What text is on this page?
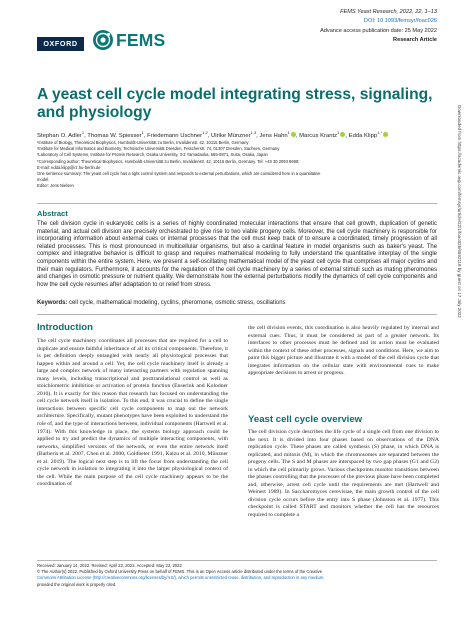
OXFORD	FEMS
FEMS Yeast Research, 2022, 22, 1–13
DOI: 10.1093/femsyr/foac026
Advance access publication date: 25 May 2022
Research Article
A yeast cell cycle model integrating stress, signaling, and physiology
Stephan O. Adler$^1$, Thomas W. Spiesser$^1$, Friedemann Uschner$^{1,2}$, Ulrike Münzner$^{1,3}$, Jens Hahn$^1$, Marcus Krantz$^1$, Edda Klipp$^{1,*}$
¹Institute of Biology, Theoretical Biophysics, Humboldt-Universität zu Berlin, Invalidenstr. 42, 10115 Berlin, Germany
²Institute for Medical Informatics and Biometry, Technische Universität Dresden, Fetscherstr. 74, 01307 Dresden, Sachsen, Germany
³Laboratory of Cell Systems, Institute for Protein Research, Osaka University, 3-2 Yamadaoka, 565-0871, Suita, Osaka, Japan
*Corresponding author: Theoretical Biophysics, Humboldt-Universität zu Berlin, Invalidenstr. 42, 10115 Berlin, Germany. Tel: +49 30 2093 8698;
E-mail: edda.klipp@rz.hu-berlin.de
One sentence summary: The yeast cell cycle has a tight control system and responds to external perturbations, which are considered here in a quantitative
model.
Editor: Jens Nielsen
Abstract

The cell division cycle in eukaryotic cells is a series of highly coordinated molecular interactions that ensure that cell growth, duplication of genetic material, and actual cell division are precisely orchestrated to give rise to two viable progeny cells. Moreover, the cell cycle machinery is responsible for incorporating information about external cues or internal processes that the cell must keep track of to ensure a coordinated, timely progression of all related processes. This is most pronounced in multicellular organisms, but also a cardinal feature in model organisms such as baker's yeast. The complex and integrative behavior is difficult to grasp and requires mathematical modeling to fully understand the quantitative interplay of the single components within the entire system. Here, we present a self-oscillating mathematical model of the yeast cell cycle that comprises all major cyclins and their main regulators. Furthermore, it accounts for the regulation of the cell cycle machinery by a series of external stimuli such as mating pheromones and changes in osmotic pressure or nutrient quality. We demonstrate how the external perturbations modify the dynamics of cell cycle components and how the cell cycle resumes after adaptation to or relief from stress.

Keywords: cell cycle, mathematical modeling, cyclins, pheromone, osmotic stress, oscillations

Introduction

The cell cycle machinery coordinates all processes that are required for a cell to duplicate and ensure faithful inheritance of all its critical components. Therefore, it is per definition deeply entangled with nearly all physiological processes that happen within and around a cell. Yet, the cell cycle machinery itself is already a large and complex network of many interacting partners with regulation spanning many levels, including transcriptional and posttranslational control as well as stoichiometric inhibition or activation of protein function (Enserink and Kolodner 2010). It is exactly for this reason that research has focused on understanding the cell cycle network itself in isolation. To this end, it was crucial to define the single interactions between specific cell cycle components to map out the network architecture. Specifically, mutant phenotypes have been exploited to understand the role of, and the type of interactions between, individual components (Hartwell et al. 1974). With this knowledge in place, the systems biology approach could be applied to try and predict the dynamics of multiple interacting components, with networks, simplified versions of the network, or even the entire network itself (Barberis et al. 2007, Chen et al. 2000, Goldbeter 1991, Kalzu et al. 2010, Münzner et al. 2019). The logical next step is to lift the focus from understanding the cell cycle network in isolation to integrating it into the larger physiological context of the cell. While the main purpose of the cell cycle machinery appears to be the coordination of

the cell division events, this coordination is also heavily regulated by internal and external cues. Thus, it must be considered as part of a greater network. Its interfaces to other processes must be defined and its action must be evaluated within the context of these other processes, signals and conditions. Here, we aim to paint this bigger picture and illustrate it with a model of the cell division cycle that integrates information on the cellular state with environmental cues to make appropriate decisions to arrest or progress.

Yeast cell cycle overview

The cell division cycle describes the life cycle of a single cell from one division to the next. It is divided into four phases based on observations of the DNA replication cycle. These phases are called synthesis (S) phase, in which DNA is replicated, and mitosis (M), in which the chromosomes are separated between the progeny cells. The S and M phases are interspaced by two gap phases (G1 and G2) in which the cell primarily grows. Various checkpoints monitor transitions between the phases controlling that the processes of the previous phase have been completed and, otherwise, arrest cell cycle until the requirements are met (Hartwell and Weinert 1989). In Saccharomyces cerevisiae, the main growth control of the cell division cycle occurs before the entry into S phase (Johnston et al. 1977). This checkpoint is called START and monitors whether the cell has the resources required to complete a

Received: January 14, 2022. Revised: April 22, 2022. Accepted: May 23, 2022
© The Author(s) 2022. Published by Oxford University Press on behalf of FEMS. This is an Open Access article distributed under the terms of the Creative
Commons Attribution License (http://creativecommons.org/licenses/by/4.0/), which permits unrestricted reuse, distribution, and reproduction in any medium,
provided the original work is properly cited.
Downloaded from https://academic.oup.com/femsyr/article/22/1/foac026/6592118 by guest on 17 July 2022
